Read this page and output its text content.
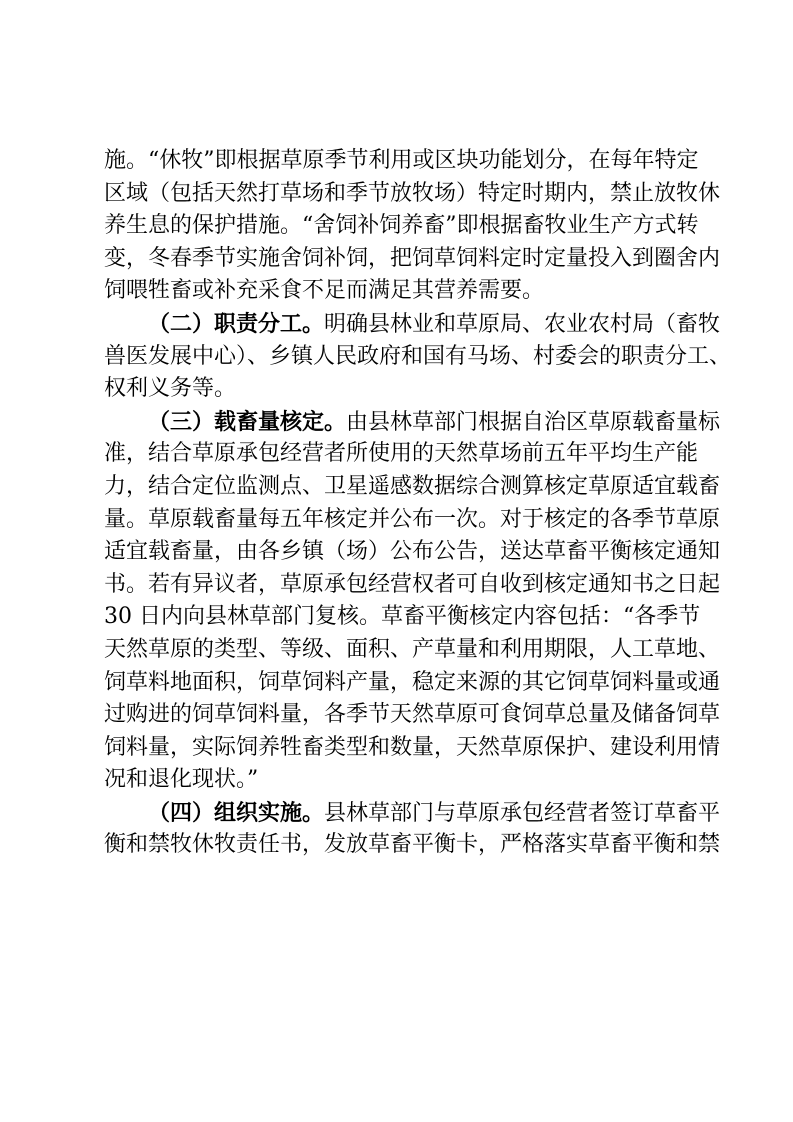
施。“休牧”即根据草原季节利用或区块功能划分，在每年特定
区域（包括天然打草场和季节放牧场）特定时期内，禁止放牧休
养生息的保护措施。“舍饲补饲养畜”即根据畜牧业生产方式转
变，冬春季节实施舍饲补饲，把饲草饲料定时定量投入到圈舍内
饲喂牲畜或补充采食不足而满足其营养需要。
（二）职责分工。明确县林业和草原局、农业农村局（畜牧
兽医发展中心）、乡镇人民政府和国有马场、村委会的职责分工、
权利义务等。
（三）载畜量核定。由县林草部门根据自治区草原载畜量标
准，结合草原承包经营者所使用的天然草场前五年平均生产能
力，结合定位监测点、卫星遥感数据综合测算核定草原适宜载畜
量。草原载畜量每五年核定并公布一次。对于核定的各季节草原
适宜载畜量，由各乡镇（场）公布公告，送达草畜平衡核定通知
书。若有异议者，草原承包经营权者可自收到核定通知书之日起
30 日内向县林草部门复核。草畜平衡核定内容包括：“各季节
天然草原的类型、等级、面积、产草量和利用期限，人工草地、
饲草料地面积，饲草饲料产量，稳定来源的其它饲草饲料量或通
过购进的饲草饲料量，各季节天然草原可食饲草总量及储备饲草
饲料量，实际饲养牲畜类型和数量，天然草原保护、建设利用情
况和退化现状。”
（四）组织实施。县林草部门与草原承包经营者签订草畜平
衡和禁牧休牧责任书，发放草畜平衡卡，严格落实草畜平衡和禁
